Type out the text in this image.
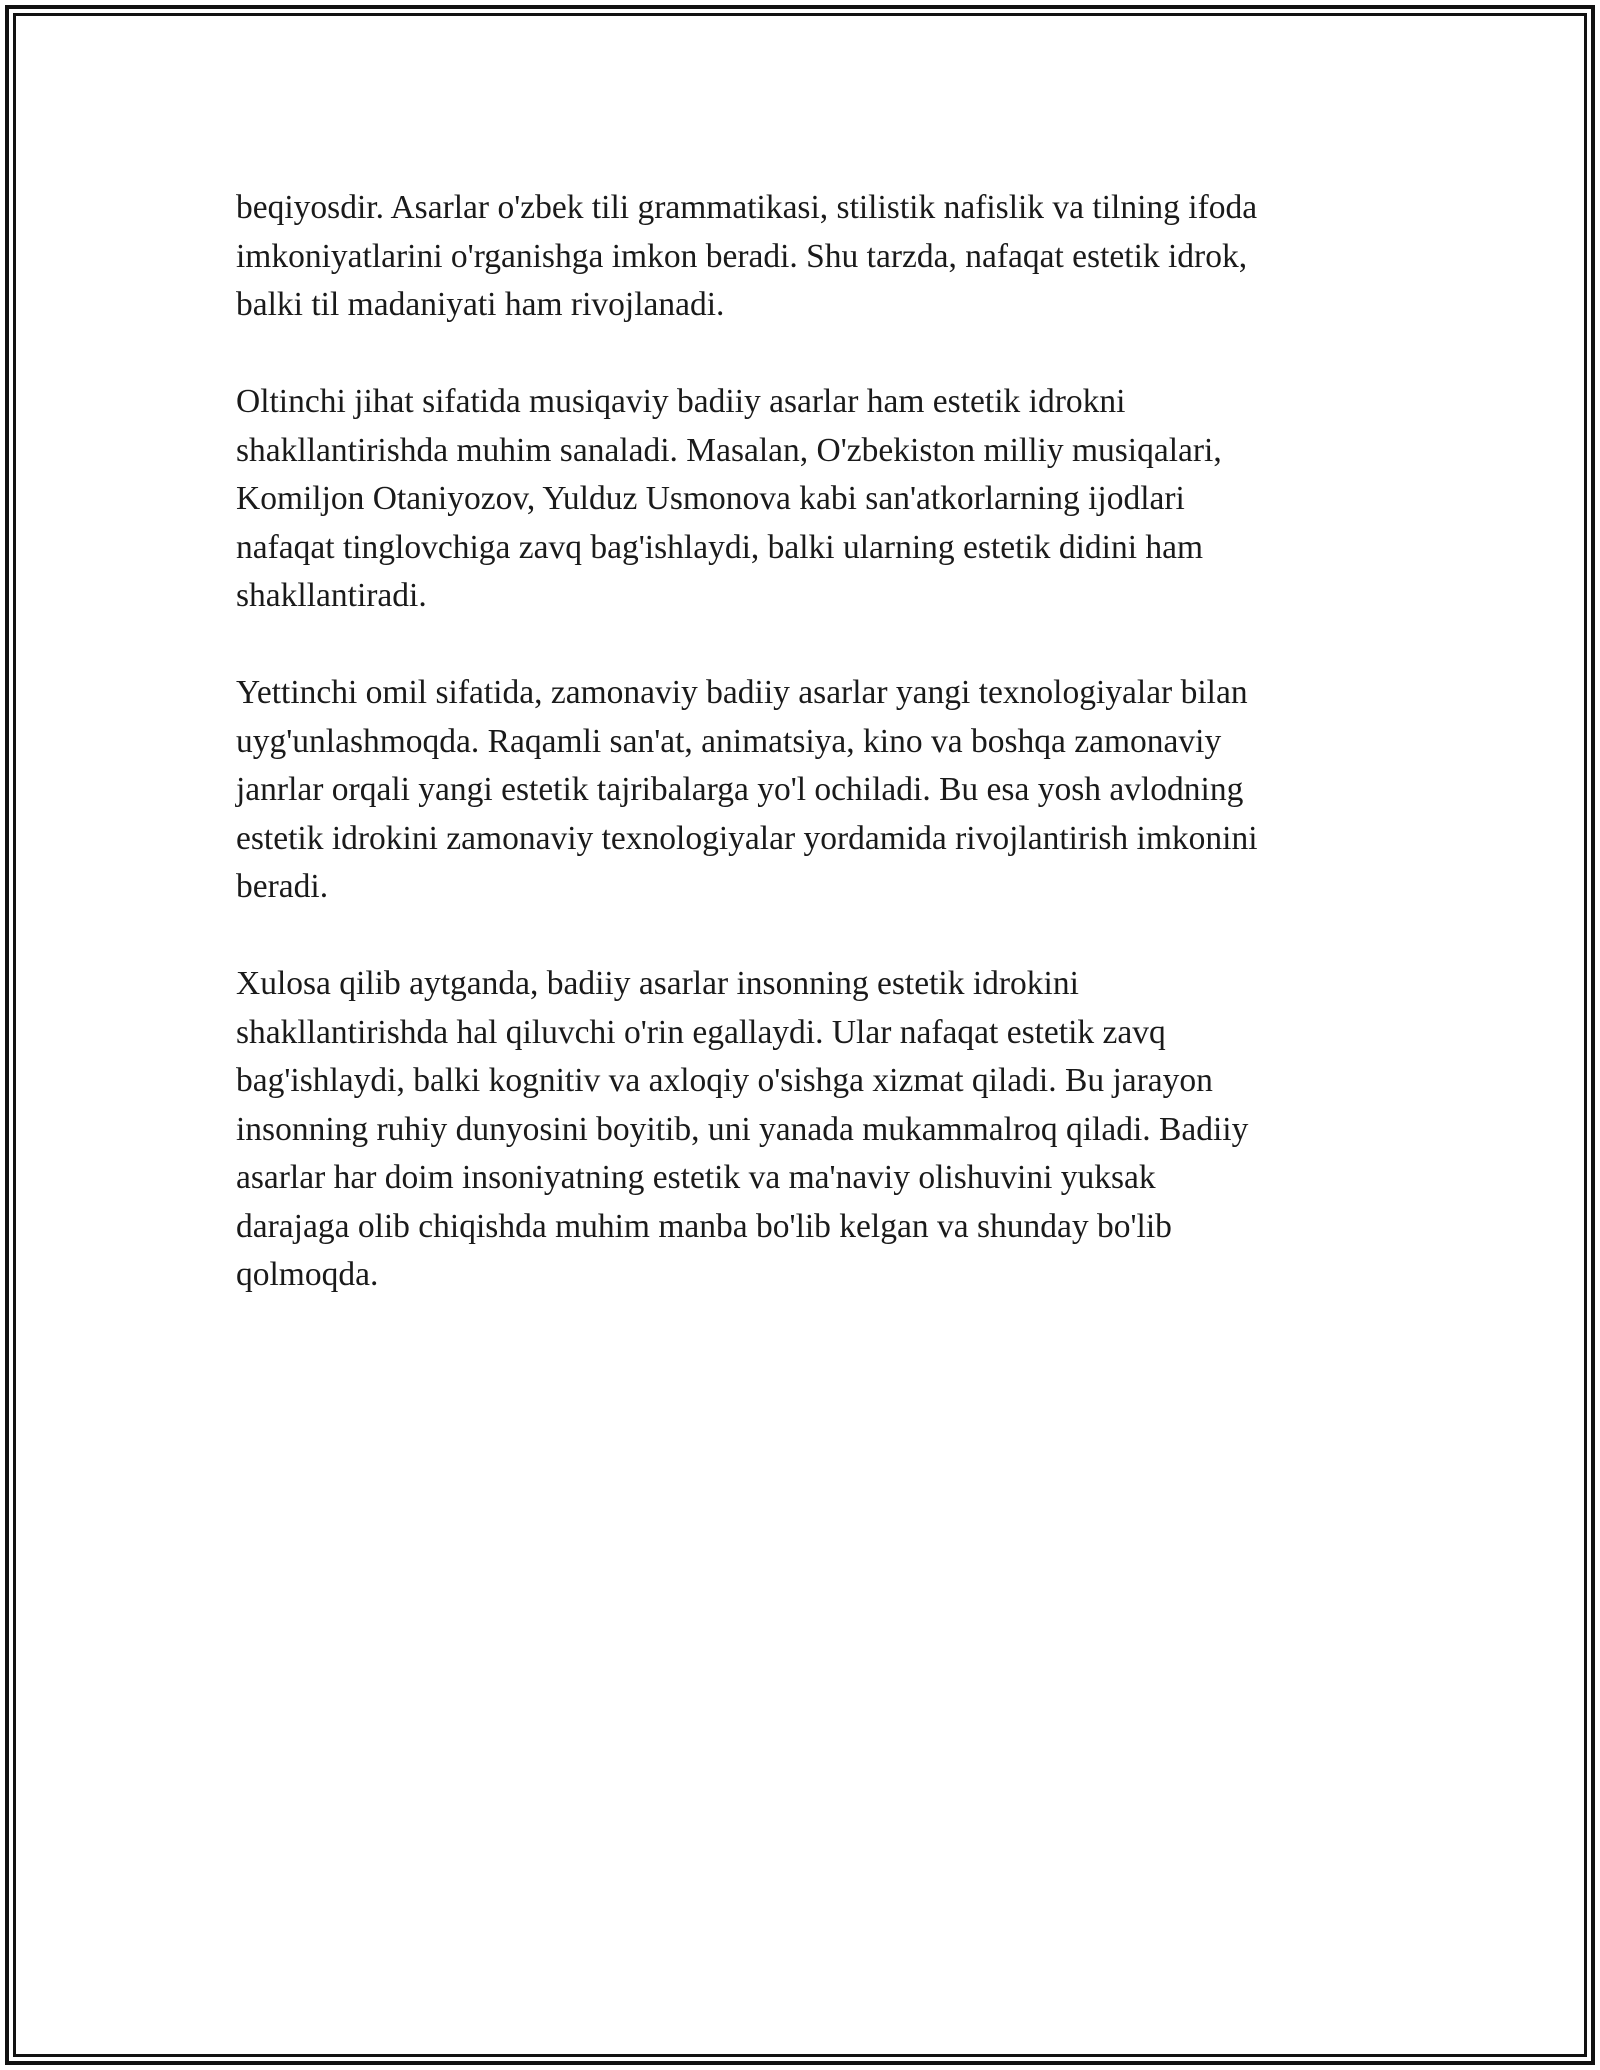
beqiyosdir. Asarlar o'zbek tili grammatikasi, stilistik nafislik va tilning ifoda
imkoniyatlarini o'rganishga imkon beradi. Shu tarzda, nafaqat estetik idrok,
balki til madaniyati ham rivojlanadi.

Oltinchi jihat sifatida musiqaviy badiiy asarlar ham estetik idrokni
shakllantirishda muhim sanaladi. Masalan, O'zbekiston milliy musiqalari,
Komiljon Otaniyozov, Yulduz Usmonova kabi san'atkorlarning ijodlari
nafaqat tinglovchiga zavq bag'ishlaydi, balki ularning estetik didini ham
shakllantiradi.

Yettinchi omil sifatida, zamonaviy badiiy asarlar yangi texnologiyalar bilan
uyg'unlashmoqda. Raqamli san'at, animatsiya, kino va boshqa zamonaviy
janrlar orqali yangi estetik tajribalarga yo'l ochiladi. Bu esa yosh avlodning
estetik idrokini zamonaviy texnologiyalar yordamida rivojlantirish imkonini
beradi.

Xulosa qilib aytganda, badiiy asarlar insonning estetik idrokini
shakllantirishda hal qiluvchi o'rin egallaydi. Ular nafaqat estetik zavq
bag'ishlaydi, balki kognitiv va axloqiy o'sishga xizmat qiladi. Bu jarayon
insonning ruhiy dunyosini boyitib, uni yanada mukammalroq qiladi. Badiiy
asarlar har doim insoniyatning estetik va ma'naviy olishuvini yuksak
darajaga olib chiqishda muhim manba bo'lib kelgan va shunday bo'lib
qolmoqda.
